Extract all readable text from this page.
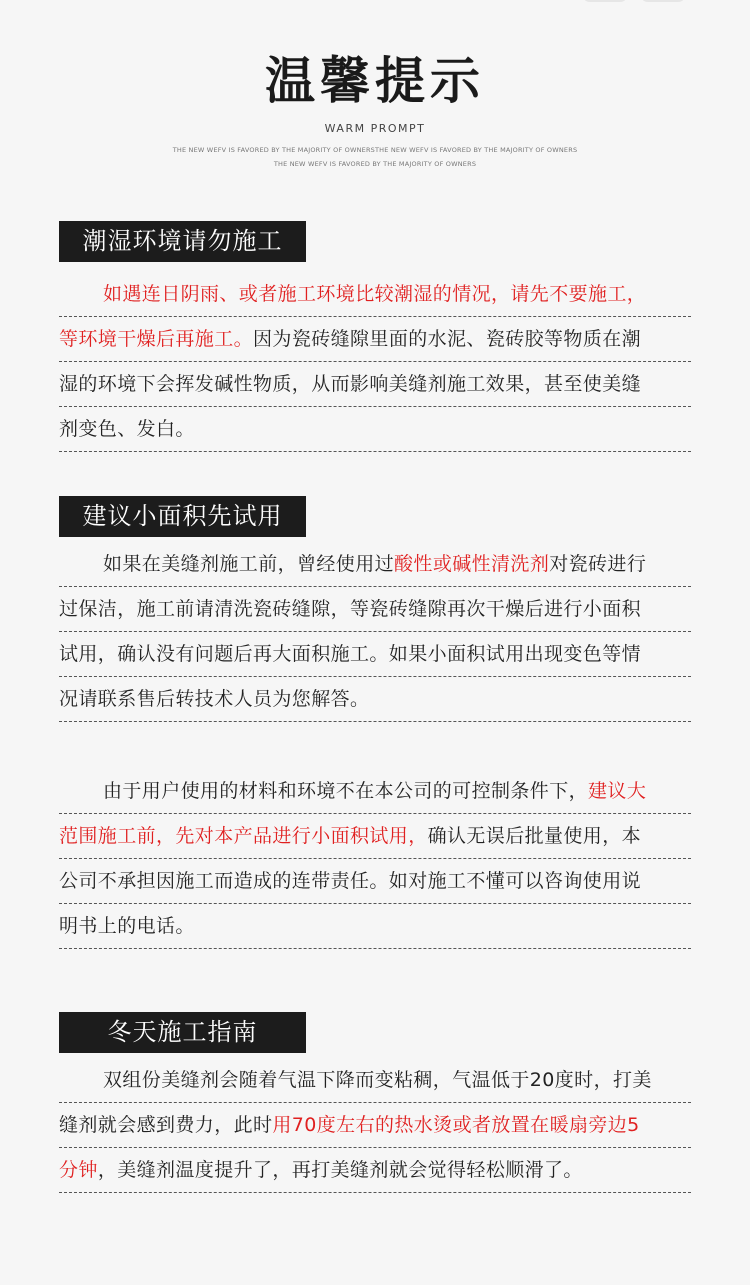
温馨提示
WARM PROMPT
THE NEW WEFV IS FAVORED BY THE MAJORITY OF OWNERSTHE NEW WEFV IS FAVORED BY THE MAJORITY OF OWNERS
THE NEW WEFV IS FAVORED BY THE MAJORITY OF OWNERS
潮湿环境请勿施工
如遇连日阴雨、或者施工环境比较潮湿的情况，请先不要施工，
等环境干燥后再施工。因为瓷砖缝隙里面的水泥、瓷砖胶等物质在潮
湿的环境下会挥发碱性物质，从而影响美缝剂施工效果，甚至使美缝
剂变色、发白。
建议小面积先试用
如果在美缝剂施工前，曾经使用过酸性或碱性清洗剂对瓷砖进行
过保洁，施工前请清洗瓷砖缝隙，等瓷砖缝隙再次干燥后进行小面积
试用，确认没有问题后再大面积施工。如果小面积试用出现变色等情
况请联系售后转技术人员为您解答。
由于用户使用的材料和环境不在本公司的可控制条件下，建议大
范围施工前，先对本产品进行小面积试用，确认无误后批量使用，本
公司不承担因施工而造成的连带责任。如对施工不懂可以咨询使用说
明书上的电话。
冬天施工指南
双组份美缝剂会随着气温下降而变粘稠，气温低于20度时，打美
缝剂就会感到费力，此时用70度左右的热水烫或者放置在暖扇旁边5
分钟，美缝剂温度提升了，再打美缝剂就会觉得轻松顺滑了。
